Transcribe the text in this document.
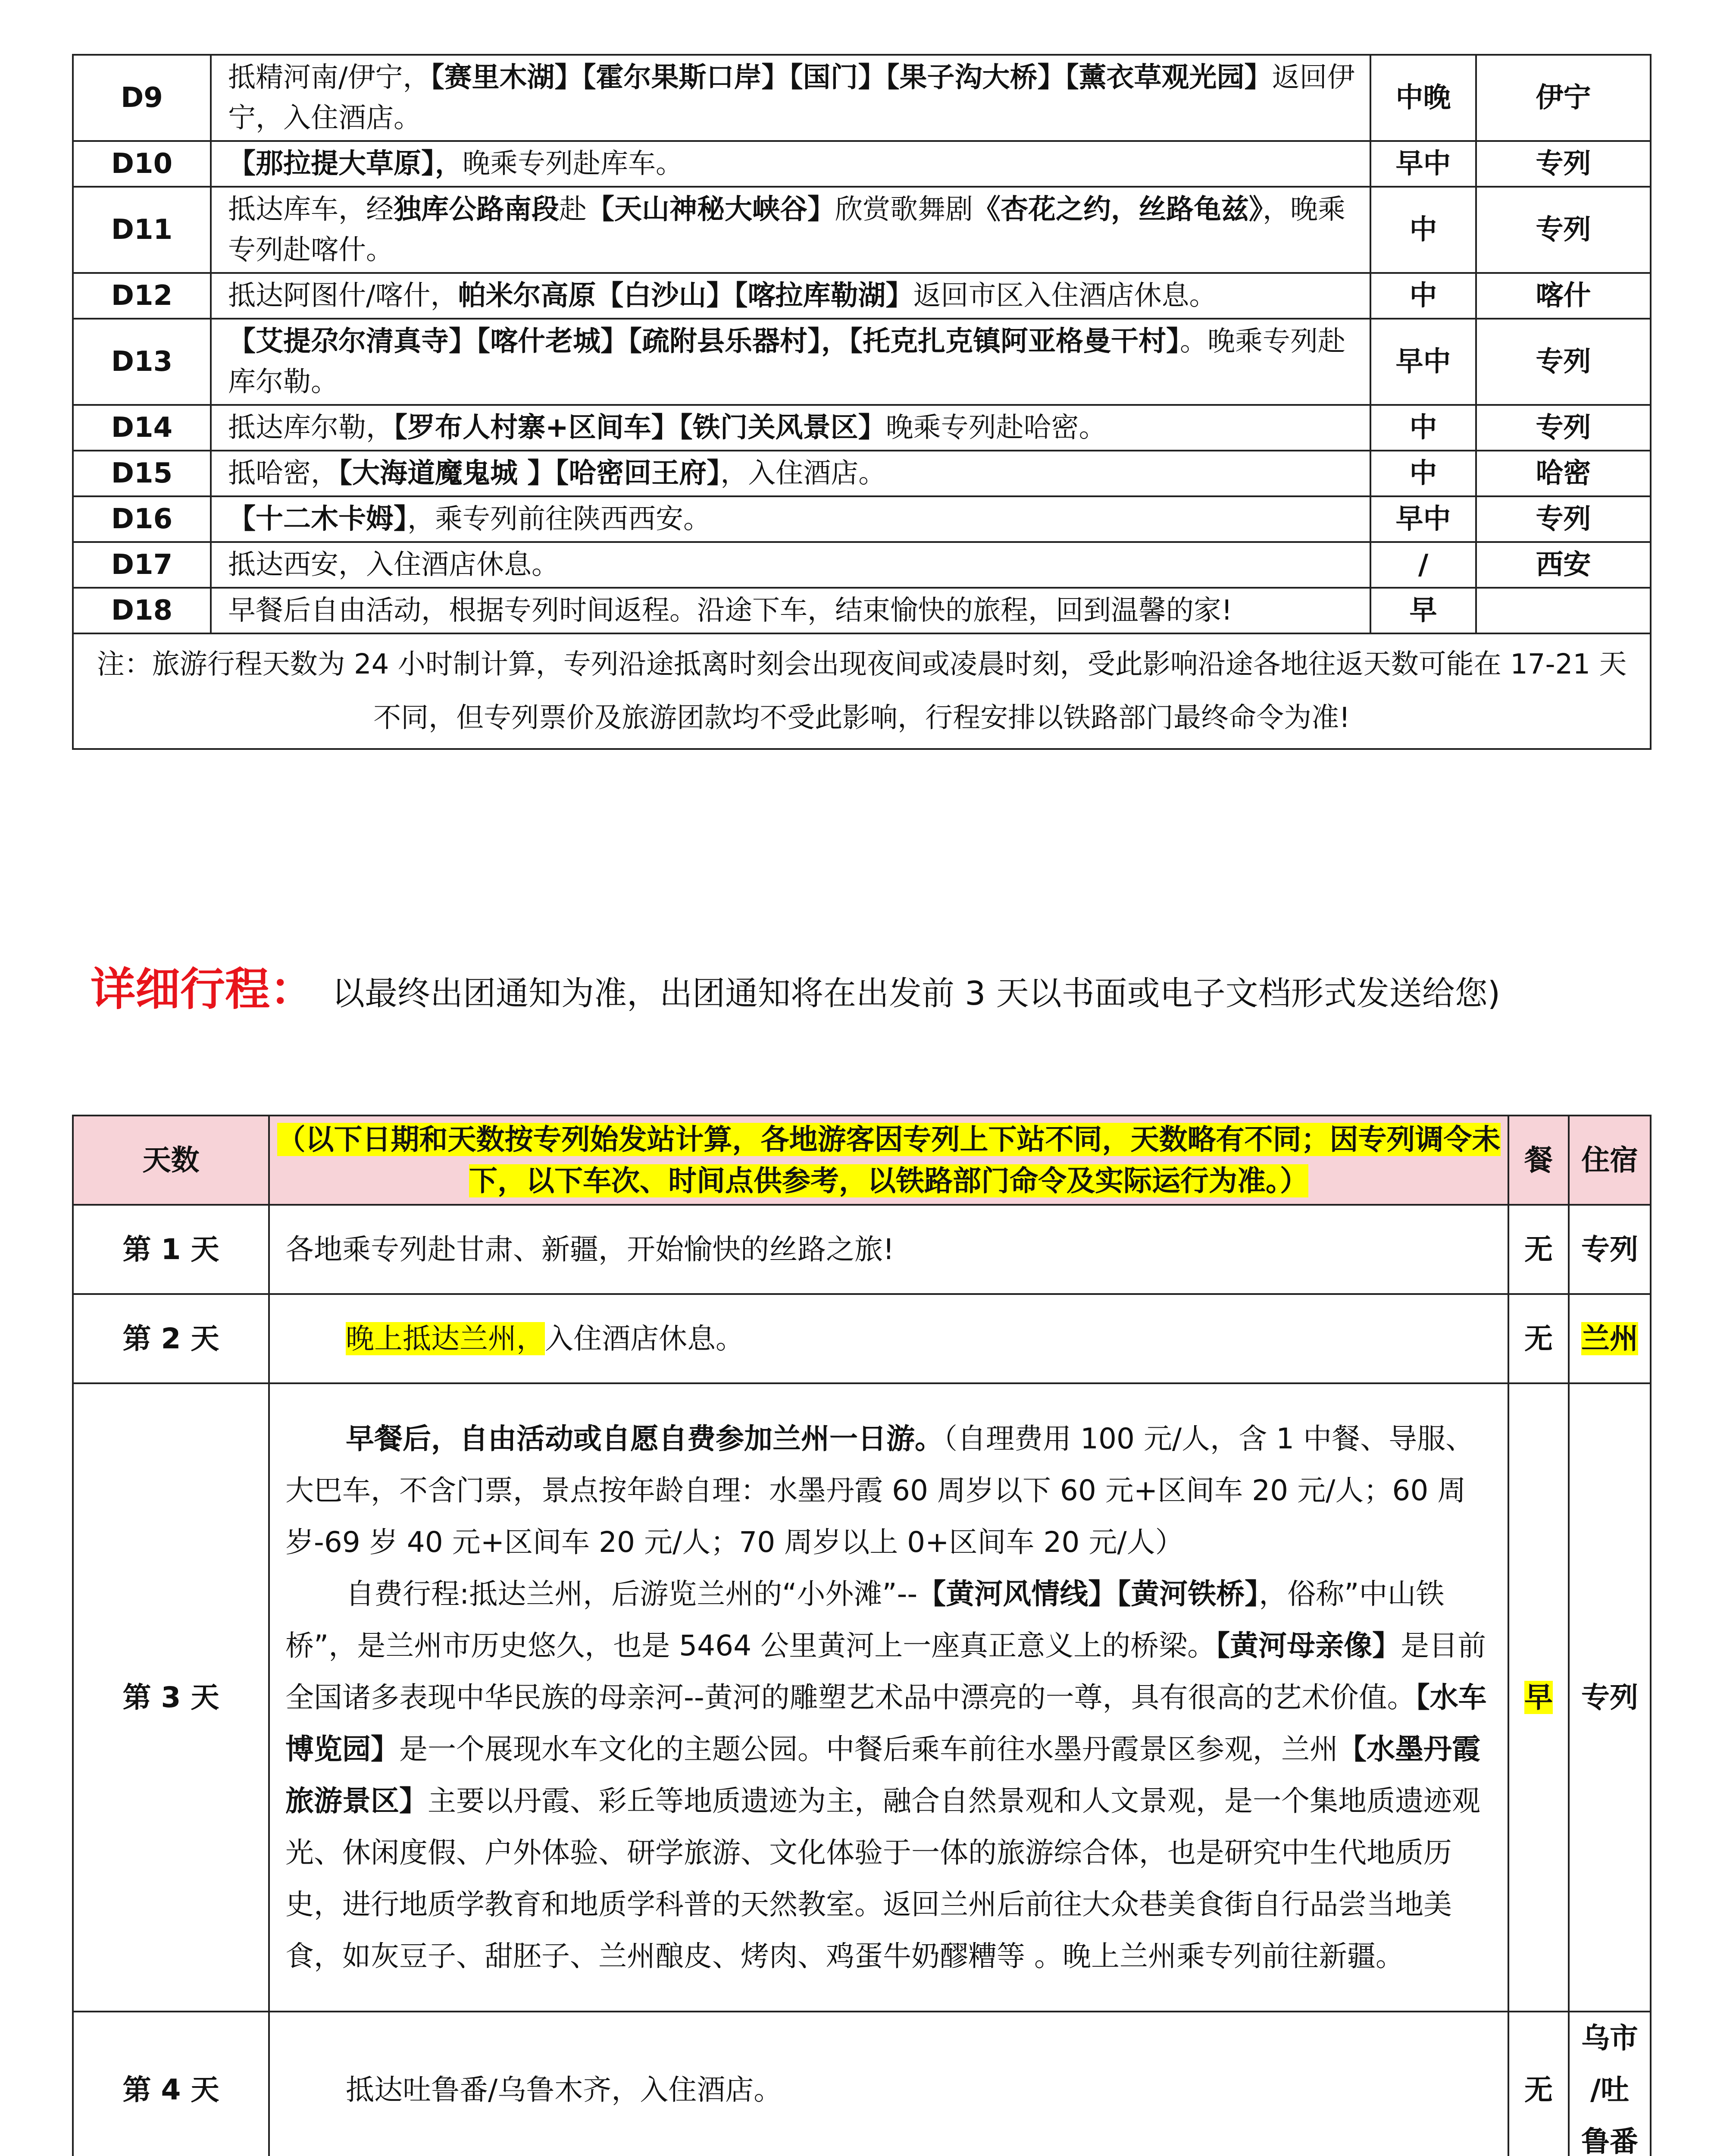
D9	抵精河南/伊宁，【赛里木湖】【霍尔果斯口岸】【国门】【果子沟大桥】【薰衣草观光园】返回伊宁，入住酒店。	中晚	伊宁
D10	【那拉提大草原】，晚乘专列赴库车。	早中	专列
D11	抵达库车，经独库公路南段赴【天山神秘大峡谷】欣赏歌舞剧《杏花之约，丝路龟兹》，晚乘专列赴喀什。	中	专列
D12	抵达阿图什/喀什，帕米尔高原【白沙山】【喀拉库勒湖】返回市区入住酒店休息。	中	喀什
D13	【艾提尕尔清真寺】【喀什老城】【疏附县乐器村】，【托克扎克镇阿亚格曼干村】。晚乘专列赴库尔勒。	早中	专列
D14	抵达库尔勒，【罗布人村寨+区间车】【铁门关风景区】晚乘专列赴哈密。	中	专列
D15	抵哈密，【大海道魔鬼城 】【哈密回王府】，入住酒店。	中	哈密
D16	【十二木卡姆】，乘专列前往陕西西安。	早中	专列
D17	抵达西安，入住酒店休息。	/	西安
D18	早餐后自由活动，根据专列时间返程。沿途下车，结束愉快的旅程，回到温馨的家!	早	
注：旅游行程天数为 24 小时制计算，专列沿途抵离时刻会出现夜间或凌晨时刻，受此影响沿途各地往返天数可能在 17-21 天不同，但专列票价及旅游团款均不受此影响，行程安排以铁路部门最终命令为准!			
详细行程： 以最终出团通知为准，出团通知将在出发前 3 天以书面或电子文档形式发送给您)
天数	（以下日期和天数按专列始发站计算，各地游客因专列上下站不同，天数略有不同；因专列调令未下，以下车次、时间点供参考，以铁路部门命令及实际运行为准。）	餐	住宿
第 1 天	各地乘专列赴甘肃、新疆，开始愉快的丝路之旅!	无	专列
第 2 天	晚上抵达兰州，入住酒店休息。	无	兰州
第 3 天	早餐后，自由活动或自愿自费参加兰州一日游。（自理费用 100 元/人，含 1 中餐、导服、大巴车，不含门票，景点按年龄自理：水墨丹霞 60 周岁以下 60 元+区间车 20 元/人；60 周岁-69 岁 40 元+区间车 20 元/人；70 周岁以上 0+区间车 20 元/人）

自费行程:抵达兰州，后游览兰州的“小外滩”--【黄河风情线】【黄河铁桥】，俗称”中山铁桥”，是兰州市历史悠久，也是 5464 公里黄河上一座真正意义上的桥梁。【黄河母亲像】是目前全国诸多表现中华民族的母亲河--黄河的雕塑艺术品中漂亮的一尊，具有很高的艺术价值。【水车博览园】是一个展现水车文化的主题公园。中餐后乘车前往水墨丹霞景区参观，兰州【水墨丹霞旅游景区】主要以丹霞、彩丘等地质遗迹为主，融合自然景观和人文景观，是一个集地质遗迹观光、休闲度假、户外体验、研学旅游、文化体验于一体的旅游综合体，也是研究中生代地质历史，进行地质学教育和地质学科普的天然教室。返回兰州后前往大众巷美食街自行品尝当地美食，如灰豆子、甜胚子、兰州酿皮、烤肉、鸡蛋牛奶醪糟等 。晚上兰州乘专列前往新疆。	早	专列
第 4 天	抵达吐鲁番/乌鲁木齐，入住酒店。	无	乌市
/吐
鲁番
